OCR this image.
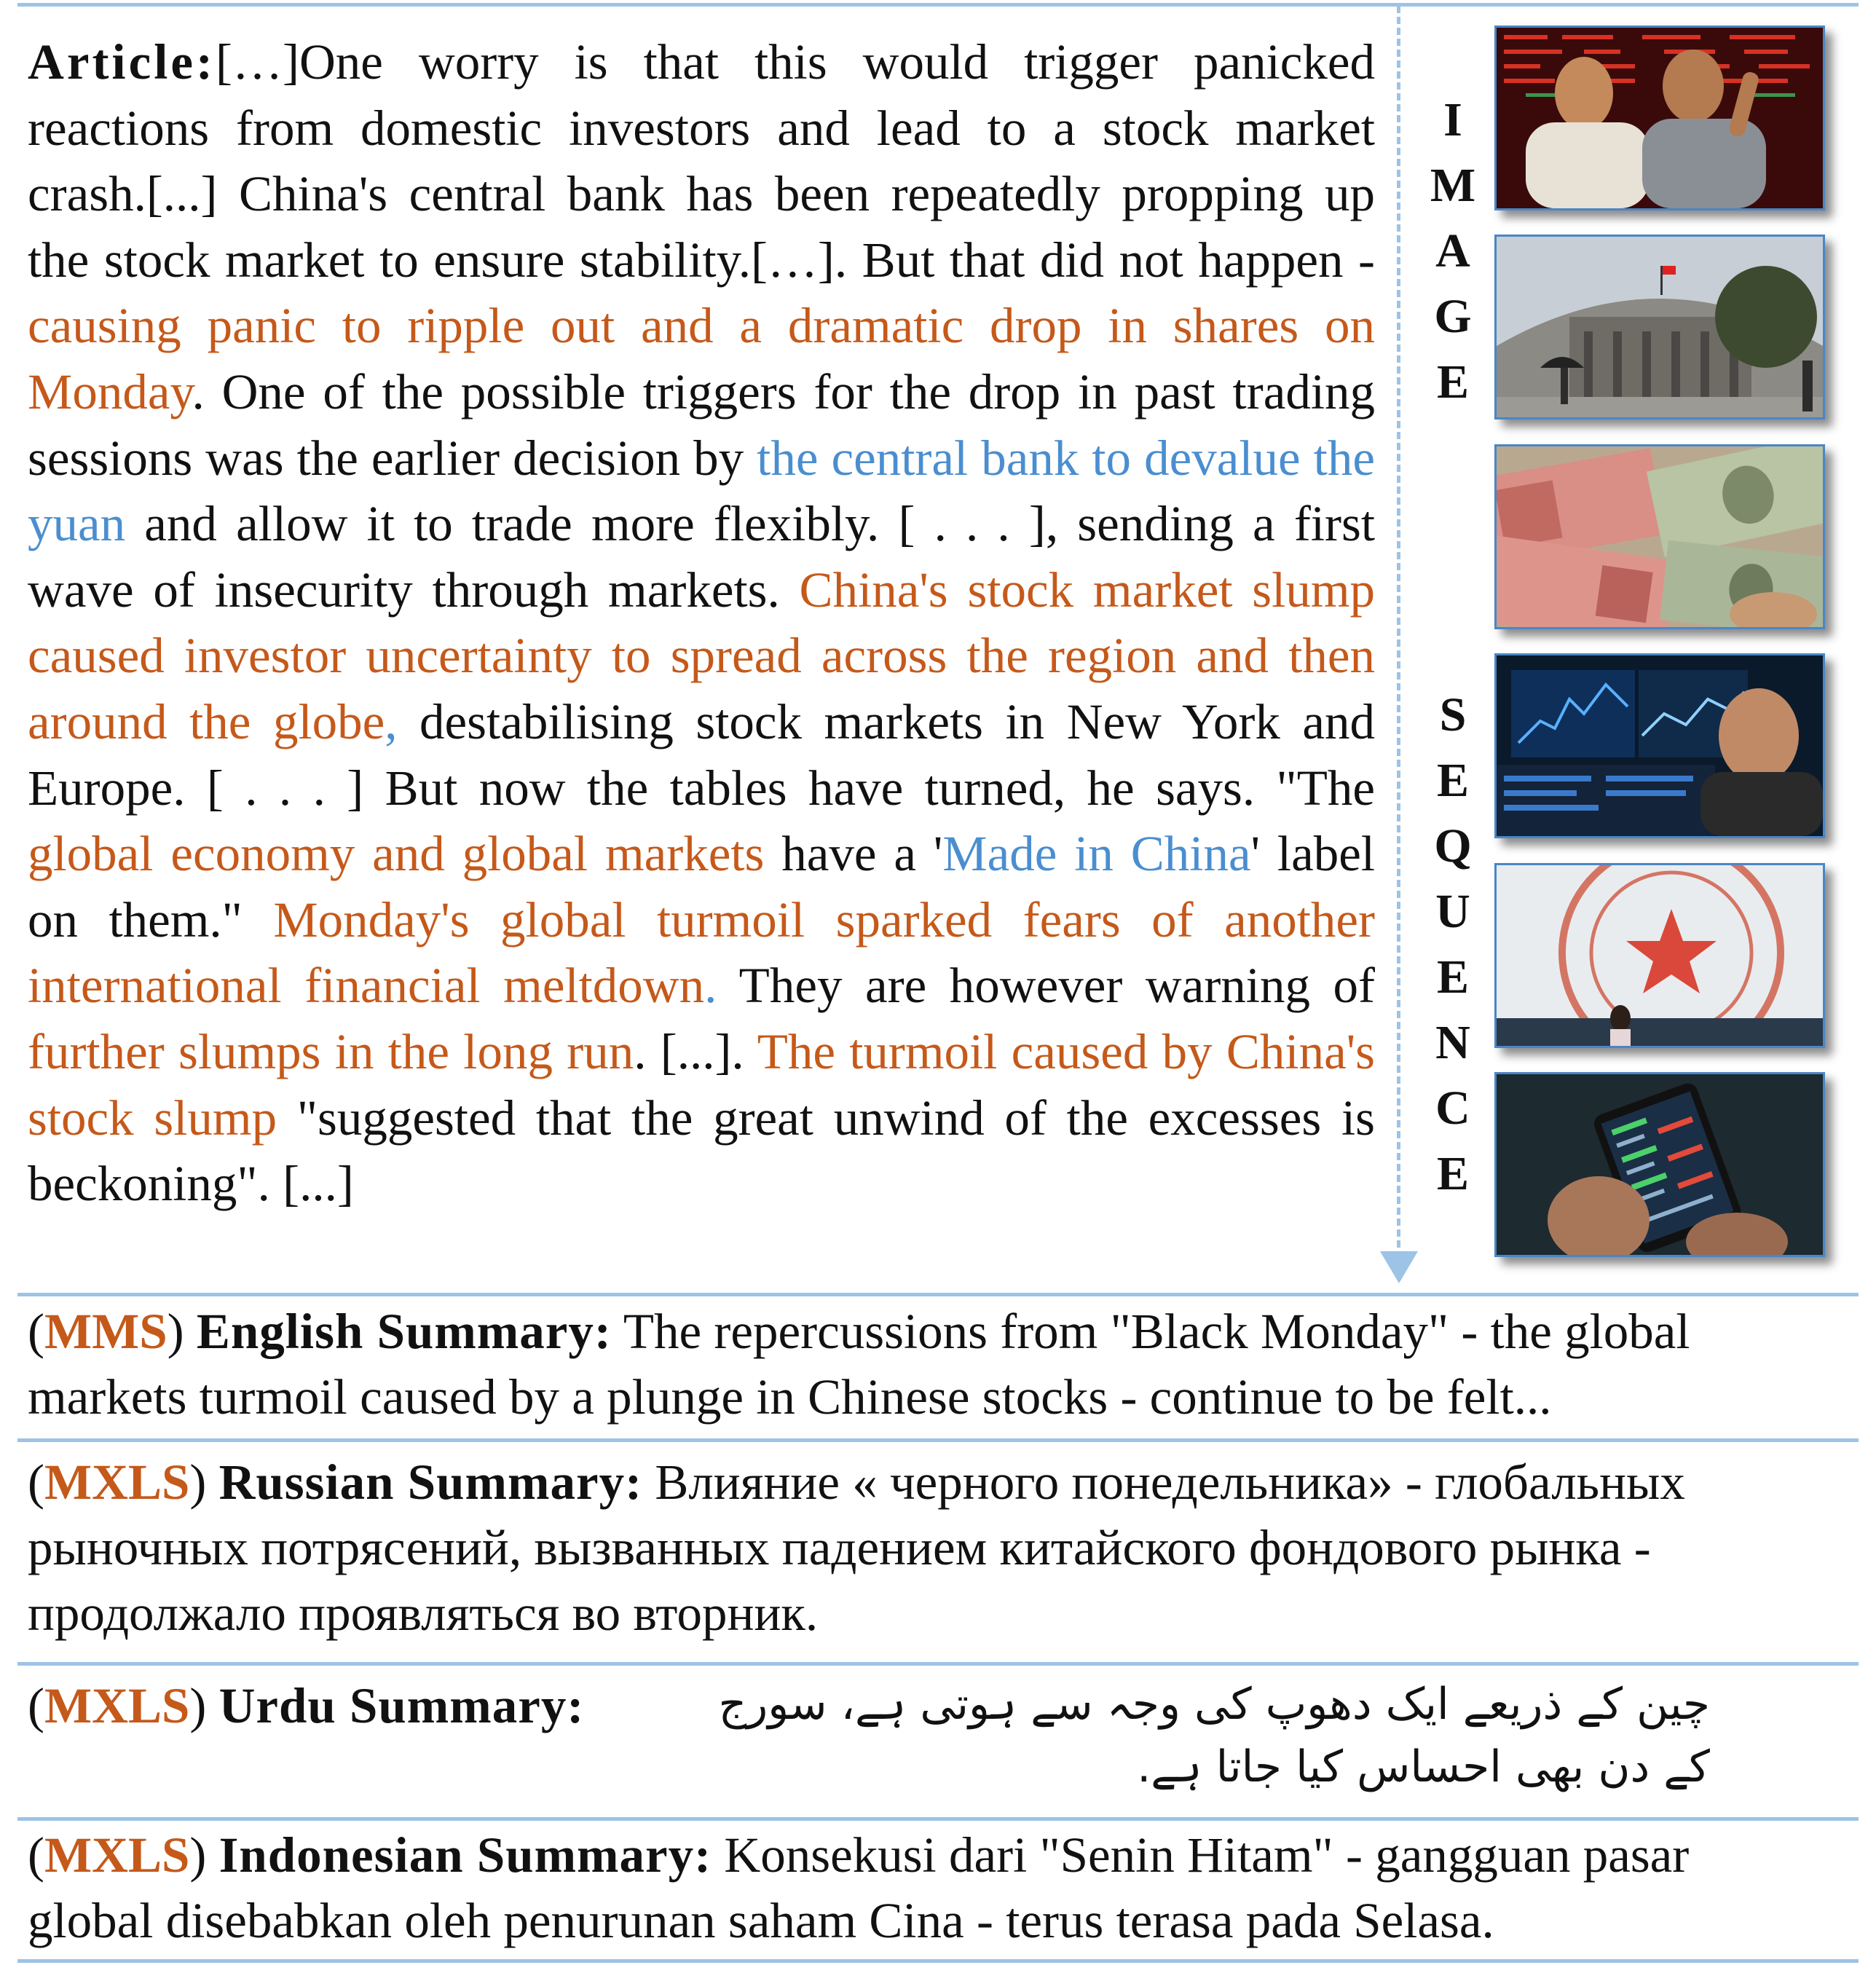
Article:[…]One worry is that this would trigger panicked reactions from domestic investors and lead to a stock market crash.[...] China's central bank has been repeatedly propping up the stock market to ensure stability.[…]. But that did not happen - causing panic to ripple out and a dramatic drop in shares on Monday. One of the possible triggers for the drop in past trading sessions was the earlier decision by the central bank to devalue the yuan and allow it to trade more flexibly. [ . . . ], sending a first wave of insecurity through markets. China's stock market slump caused investor uncertainty to spread across the region and then around the globe, destabilising stock markets in New York and Europe. [ . . . ] But now the tables have turned, he says. "The global economy and global markets have a 'Made in China' label on them." Monday's global turmoil sparked fears of another international financial meltdown. They are however warning of further slumps in the long run. [...]. The turmoil caused by China's stock slump "suggested that the great unwind of the excesses is beckoning". [...]
I
M
A
G
E
S
E
Q
U
E
N
C
E
(MMS) English Summary: The repercussions from "Black Monday" - the global markets turmoil caused by a plunge in Chinese stocks - continue to be felt...
(MXLS) Russian Summary: Влияние « черного понедельника» - глобальных рыночных потрясений, вызванных падением китайского фондового рынка - продолжало проявляться во вторник.
(MXLS) Urdu Summary:	چین کے ذریعے ایک دھوپ کی وجہ سے ہوتی ہے، سورج کے دن بھی احساس کیا جاتا ہے.
(MXLS) Indonesian Summary: Konsekusi dari "Senin Hitam" - gangguan pasar global disebabkan oleh penurunan saham Cina - terus terasa pada Selasa.
